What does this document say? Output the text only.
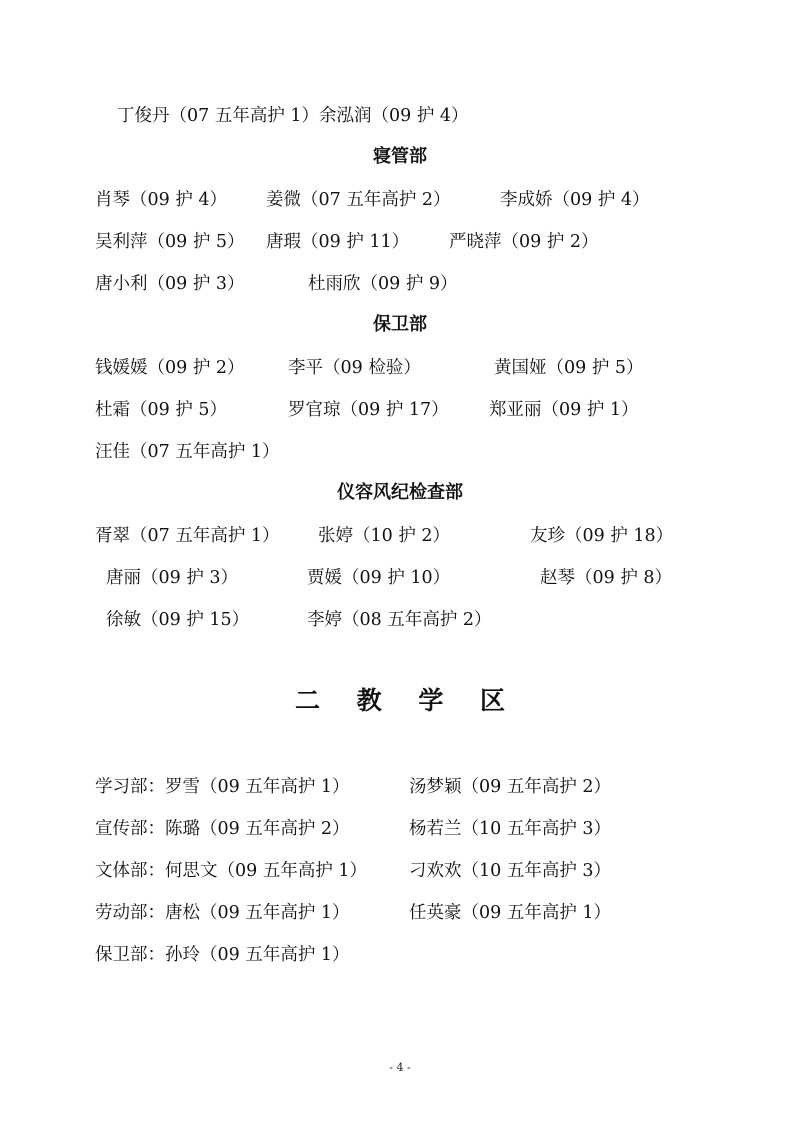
丁俊丹（07 五年高护 1）余泓润（09 护 4）
寝管部
肖琴（09 护 4） 姜微（07 五年高护 2）	李成娇（09 护 4）
吴利萍（09 护 5） 唐瑕（09 护 11） 严晓萍（09 护 2）
唐小利（09 护 3）	杜雨欣（09 护 9）
保卫部
钱媛媛（09 护 2） 李平（09 检验）	黄国娅（09 护 5）
杜霜（09 护 5）	罗官琼（09 护 17） 郑亚丽（09 护 1）
汪佳（07 五年高护 1）
仪容风纪检查部
胥翠（07 五年高护 1） 张婷（10 护 2）	友珍（09 护 18）
唐丽（09 护 3）	贾媛（09 护 10）	赵琴（09 护 8）
徐敏（09 护 15）	李婷（08 五年高护 2）
二 教 学 区
学习部：罗雪（09 五年高护 1）	汤梦颖（09 五年高护 2）
宣传部：陈璐（09 五年高护 2）	杨若兰（10 五年高护 3）
文体部：何思文（09 五年高护 1） 刁欢欢（10 五年高护 3）
劳动部：唐松（09 五年高护 1）	任英豪（09 五年高护 1）
保卫部：孙玲（09 五年高护 1）
- 4 -
